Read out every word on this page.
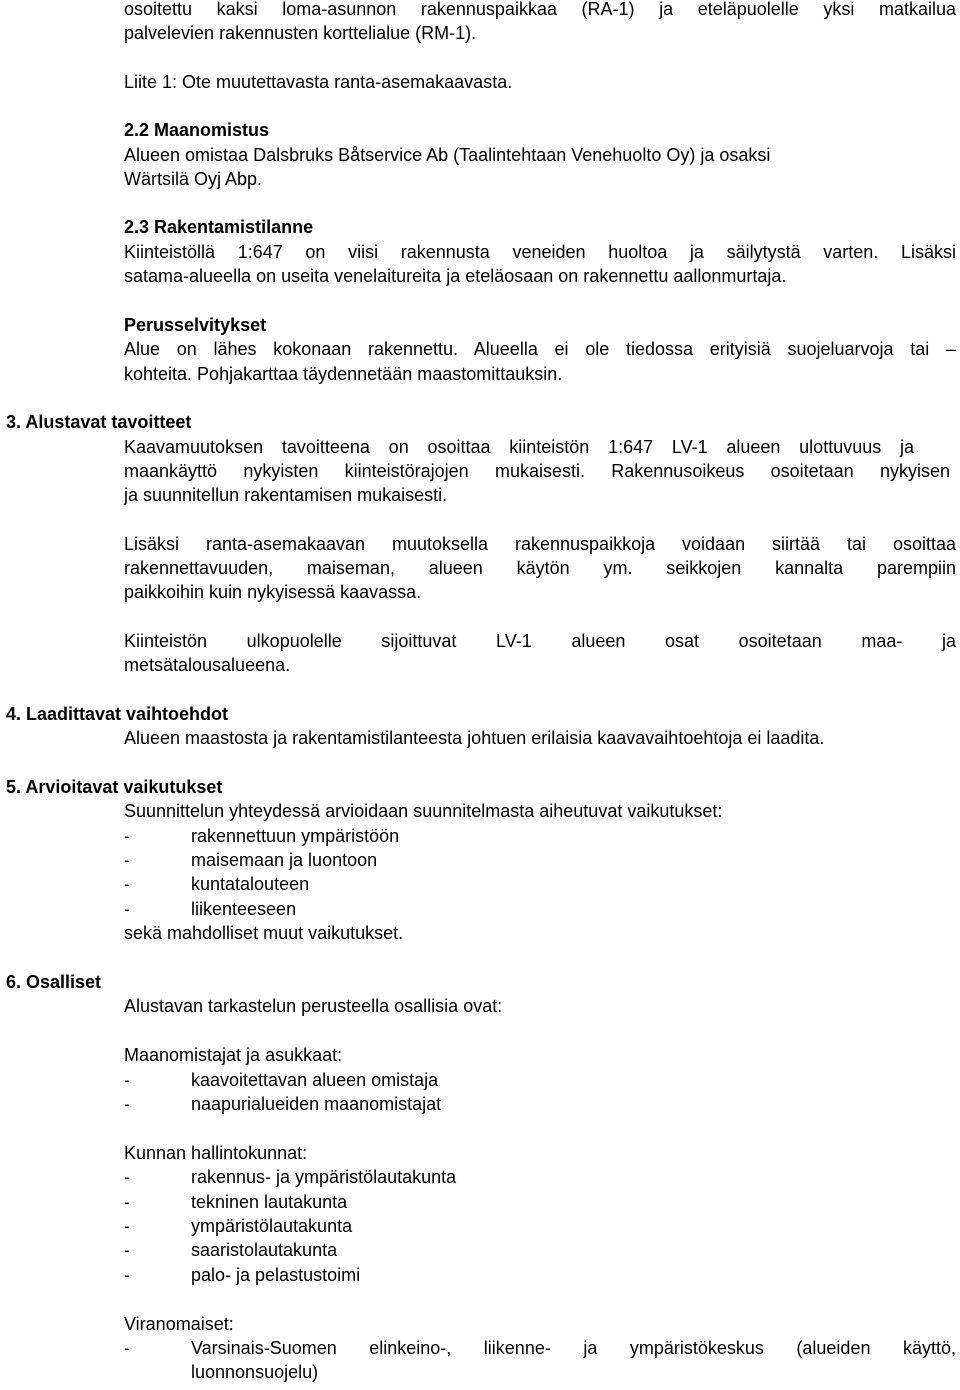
osoitettu kaksi loma-asunnon rakennuspaikkaa (RA-1) ja eteläpuolelle yksi matkailua
palvelevien rakennusten korttelialue (RM-1).
Liite 1: Ote muutettavasta ranta-asemakaavasta.
2.2 Maanomistus
Alueen omistaa Dalsbruks Båtservice Ab (Taalintehtaan Venehuolto Oy) ja osaksi
Wärtsilä Oyj Abp.
2.3 Rakentamistilanne
Kiinteistöllä 1:647 on viisi rakennusta veneiden huoltoa ja säilytystä varten. Lisäksi
satama-alueella on useita venelaitureita ja eteläosaan on rakennettu aallonmurtaja.
Perusselvitykset
Alue on lähes kokonaan rakennettu. Alueella ei ole tiedossa erityisiä suojeluarvoja tai –
kohteita. Pohjakarttaa täydennetään maastomittauksin.
3. Alustavat tavoitteet
Kaavamuutoksen tavoitteena on osoittaa kiinteistön 1:647 LV-1 alueen ulottuvuus ja
maankäyttö nykyisten kiinteistörajojen mukaisesti. Rakennusoikeus osoitetaan nykyisen
ja suunnitellun rakentamisen mukaisesti.
Lisäksi ranta-asemakaavan muutoksella rakennuspaikkoja voidaan siirtää tai osoittaa
rakennettavuuden, maiseman, alueen käytön ym. seikkojen kannalta parempiin
paikkoihin kuin nykyisessä kaavassa.
Kiinteistön ulkopuolelle sijoittuvat LV-1 alueen osat osoitetaan maa- ja
metsätalousalueena.
4. Laadittavat vaihtoehdot
Alueen maastosta ja rakentamistilanteesta johtuen erilaisia kaavavaihtoehtoja ei laadita.
5. Arvioitavat vaikutukset
Suunnittelun yhteydessä arvioidaan suunnitelmasta aiheutuvat vaikutukset:
-	rakennettuun ympäristöön
-	maisemaan ja luontoon
-	kuntatalouteen
-	liikenteeseen
sekä mahdolliset muut vaikutukset.
6. Osalliset
Alustavan tarkastelun perusteella osallisia ovat:
Maanomistajat ja asukkaat:
-	kaavoitettavan alueen omistaja
-	naapurialueiden maanomistajat
Kunnan hallintokunnat:
-	rakennus- ja ympäristölautakunta
-	tekninen lautakunta
-	ympäristölautakunta
-	saaristolautakunta
-	palo- ja pelastustoimi
Viranomaiset:
-	Varsinais-Suomen elinkeino-, liikenne- ja ympäristökeskus (alueiden käyttö,
luonnonsuojelu)
